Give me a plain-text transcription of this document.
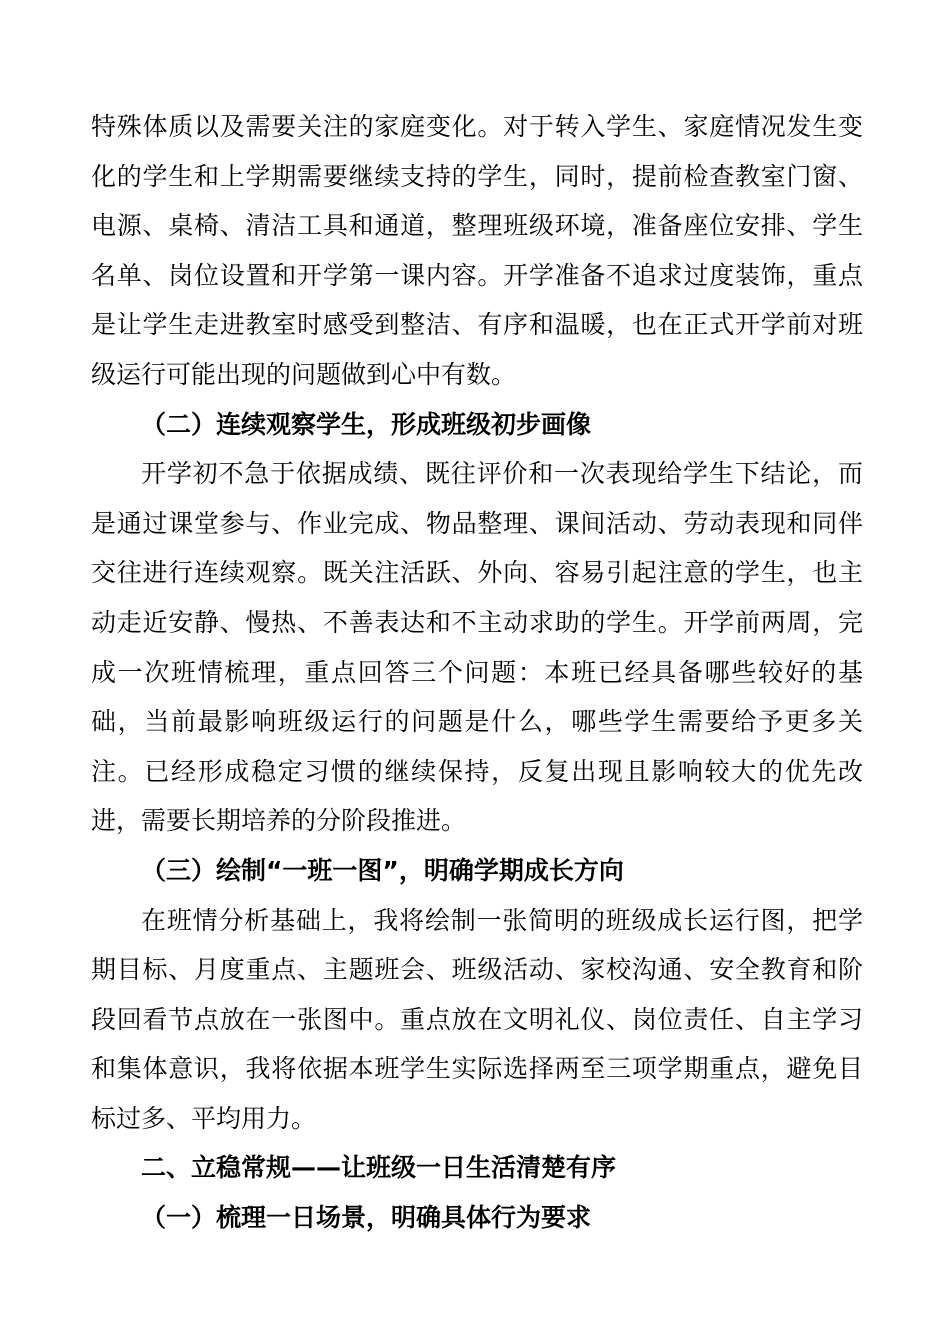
特殊体质以及需要关注的家庭变化。对于转入学生、家庭情况发生变化的学生和上学期需要继续支持的学生，同时，提前检查教室门窗、电源、桌椅、清洁工具和通道，整理班级环境，准备座位安排、学生名单、岗位设置和开学第一课内容。开学准备不追求过度装饰，重点是让学生走进教室时感受到整洁、有序和温暖，也在正式开学前对班级运行可能出现的问题做到心中有数。

（二）连续观察学生，形成班级初步画像

开学初不急于依据成绩、既往评价和一次表现给学生下结论，而是通过课堂参与、作业完成、物品整理、课间活动、劳动表现和同伴交往进行连续观察。既关注活跃、外向、容易引起注意的学生，也主动走近安静、慢热、不善表达和不主动求助的学生。开学前两周，完成一次班情梳理，重点回答三个问题：本班已经具备哪些较好的基础，当前最影响班级运行的问题是什么，哪些学生需要给予更多关注。已经形成稳定习惯的继续保持，反复出现且影响较大的优先改进，需要长期培养的分阶段推进。

（三）绘制“一班一图”，明确学期成长方向

在班情分析基础上，我将绘制一张简明的班级成长运行图，把学期目标、月度重点、主题班会、班级活动、家校沟通、安全教育和阶段回看节点放在一张图中。重点放在文明礼仪、岗位责任、自主学习和集体意识，我将依据本班学生实际选择两至三项学期重点，避免目标过多、平均用力。

二、立稳常规——让班级一日生活清楚有序

（一）梳理一日场景，明确具体行为要求
